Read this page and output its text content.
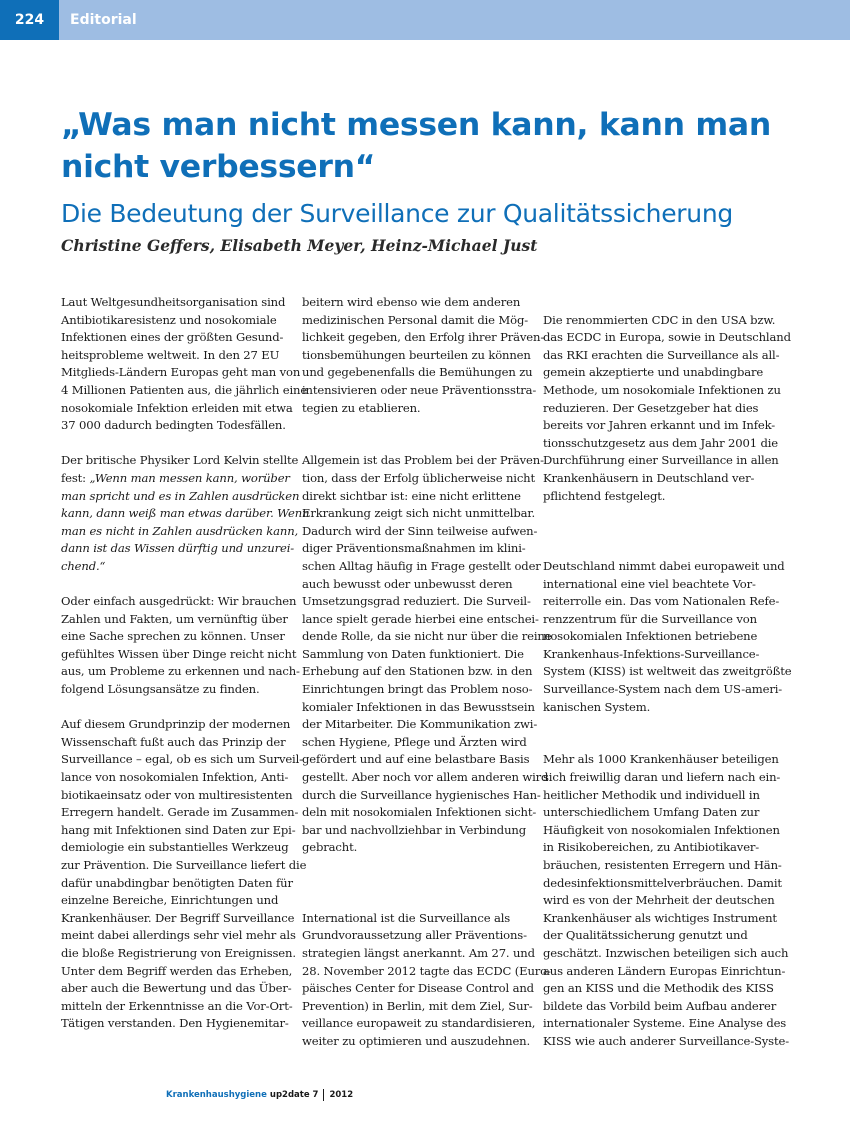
224	Editorial
„Was man nicht messen kann, kann man
nicht verbessern“
Die Bedeutung der Surveillance zur Qualitätssicherung
Christine Geffers, Elisabeth Meyer, Heinz-Michael Just

Laut Weltgesundheitsorganisation sind

Antibiotikaresistenz und nosokomiale

Infektionen eines der größten Gesund-

heitsprobleme weltweit. In den 27 EU

Mitglieds-Ländern Europas geht man von

4 Millionen Patienten aus, die jährlich eine

nosokomiale Infektion erleiden mit etwa

37 000 dadurch bedingten Todesfällen.

Der britische Physiker Lord Kelvin stellte

fest: „Wenn man messen kann, worüber

man spricht und es in Zahlen ausdrücken

kann, dann weiß man etwas darüber. Wenn

man es nicht in Zahlen ausdrücken kann,

dann ist das Wissen dürftig und unzurei-

chend.“

Oder einfach ausgedrückt: Wir brauchen

Zahlen und Fakten, um vernünftig über

eine Sache sprechen zu können. Unser

gefühltes Wissen über Dinge reicht nicht

aus, um Probleme zu erkennen und nach-

folgend Lösungsansätze zu finden.

Auf diesem Grundprinzip der modernen

Wissenschaft fußt auch das Prinzip der

Surveillance – egal, ob es sich um Surveil-

lance von nosokomialen Infektion, Anti-

biotikaeinsatz oder von multiresistenten

Erregern handelt. Gerade im Zusammen-

hang mit Infektionen sind Daten zur Epi-

demiologie ein substantielles Werkzeug

zur Prävention. Die Surveillance liefert die

dafür unabdingbar benötigten Daten für

einzelne Bereiche, Einrichtungen und

Krankenhäuser. Der Begriff Surveillance

meint dabei allerdings sehr viel mehr als

die bloße Registrierung von Ereignissen.

Unter dem Begriff werden das Erheben,

aber auch die Bewertung und das Über-

mitteln der Erkenntnisse an die Vor-Ort-

Tätigen verstanden. Den Hygienemitar-

beitern wird ebenso wie dem anderen

medizinischen Personal damit die Mög-

lichkeit gegeben, den Erfolg ihrer Präven-

tionsbemühungen beurteilen zu können

und gegebenenfalls die Bemühungen zu

intensivieren oder neue Präventionsstra-

tegien zu etablieren.

Allgemein ist das Problem bei der Präven-

tion, dass der Erfolg üblicherweise nicht

direkt sichtbar ist: eine nicht erlittene

Erkrankung zeigt sich nicht unmittelbar.

Dadurch wird der Sinn teilweise aufwen-

diger Präventionsmaßnahmen im klini-

schen Alltag häufig in Frage gestellt oder

auch bewusst oder unbewusst deren

Umsetzungsgrad reduziert. Die Surveil-

lance spielt gerade hierbei eine entschei-

dende Rolle, da sie nicht nur über die reine

Sammlung von Daten funktioniert. Die

Erhebung auf den Stationen bzw. in den

Einrichtungen bringt das Problem noso-

komialer Infektionen in das Bewusstsein

der Mitarbeiter. Die Kommunikation zwi-

schen Hygiene, Pflege und Ärzten wird

gefördert und auf eine belastbare Basis

gestellt. Aber noch vor allem anderen wird

durch die Surveillance hygienisches Han-

deln mit nosokomialen Infektionen sicht-

bar und nachvollziehbar in Verbindung

gebracht.

International ist die Surveillance als

Grundvoraussetzung aller Präventions-

strategien längst anerkannt. Am 27. und

28. November 2012 tagte das ECDC (Euro-

päisches Center for Disease Control and

Prevention) in Berlin, mit dem Ziel, Sur-

veillance europaweit zu standardisieren,

weiter zu optimieren und auszudehnen.

Die renommierten CDC in den USA bzw.

das ECDC in Europa, sowie in Deutschland

das RKI erachten die Surveillance als all-

gemein akzeptierte und unabdingbare

Methode, um nosokomiale Infektionen zu

reduzieren. Der Gesetzgeber hat dies

bereits vor Jahren erkannt und im Infek-

tionsschutzgesetz aus dem Jahr 2001 die

Durchführung einer Surveillance in allen

Krankenhäusern in Deutschland ver-

pflichtend festgelegt.

Deutschland nimmt dabei europaweit und

international eine viel beachtete Vor-

reiterrolle ein. Das vom Nationalen Refe-

renzzentrum für die Surveillance von

nosokomialen Infektionen betriebene

Krankenhaus-Infektions-Surveillance-

System (KISS) ist weltweit das zweitgrößte

Surveillance-System nach dem US-ameri-

kanischen System.

Mehr als 1000 Krankenhäuser beteiligen

sich freiwillig daran und liefern nach ein-

heitlicher Methodik und individuell in

unterschiedlichem Umfang Daten zur

Häufigkeit von nosokomialen Infektionen

in Risikobereichen, zu Antibiotikaver-

bräuchen, resistenten Erregern und Hän-

dedesinfektionsmittelverbräuchen. Damit

wird es von der Mehrheit der deutschen

Krankenhäuser als wichtiges Instrument

der Qualitätssicherung genutzt und

geschätzt. Inzwischen beteiligen sich auch

aus anderen Ländern Europas Einrichtun-

gen an KISS und die Methodik des KISS

bildete das Vorbild beim Aufbau anderer

internationaler Systeme. Eine Analyse des

KISS wie auch anderer Surveillance-Syste-

Krankenhaushygiene up2date 7 2012
